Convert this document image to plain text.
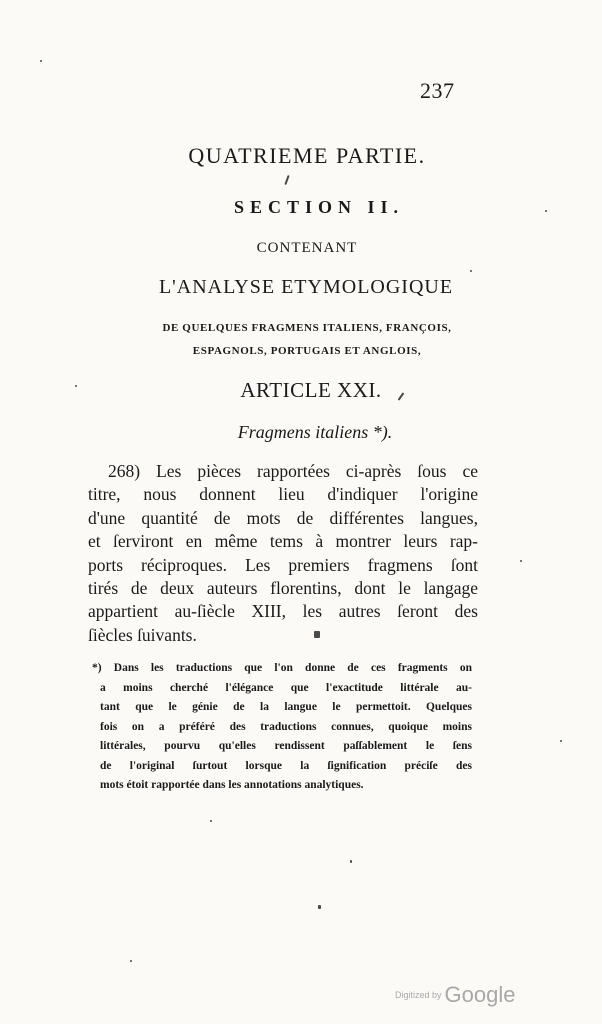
237
QUATRIEME PARTIE.
SECTION II.
CONTENANT
L'ANALYSE ETYMOLOGIQUE
DE QUELQUES FRAGMENS ITALIENS, FRANÇOIS,
ESPAGNOLS, PORTUGAIS ET ANGLOIS,
ARTICLE XXI.
Fragmens italiens *).
268) Les pièces rapportées ci-après ſous ce
titre, nous donnent lieu d'indiquer l'origine
d'une quantité de mots de différentes langues,
et ſerviront en même tems à montrer leurs rap-
ports réciproques. Les premiers fragmens ſont
tirés de deux auteurs florentins, dont le langage
appartient au-ſiècle XIII, les autres ſeront des
ſiècles ſuivants.
*) Dans les traductions que l'on donne de ces fragments on
a moins cherché l'élégance que l'exactitude littérale au-
tant que le génie de la langue le permettoit. Quelques
fois on a préféré des traductions connues, quoique moins
littérales, pourvu qu'elles rendissent paſſablement le ſens
de l'original ſurtout lorsque la ſignification préciſe des
mots étoit rapportée dans les annotations analytiques.
Digitized by Google
